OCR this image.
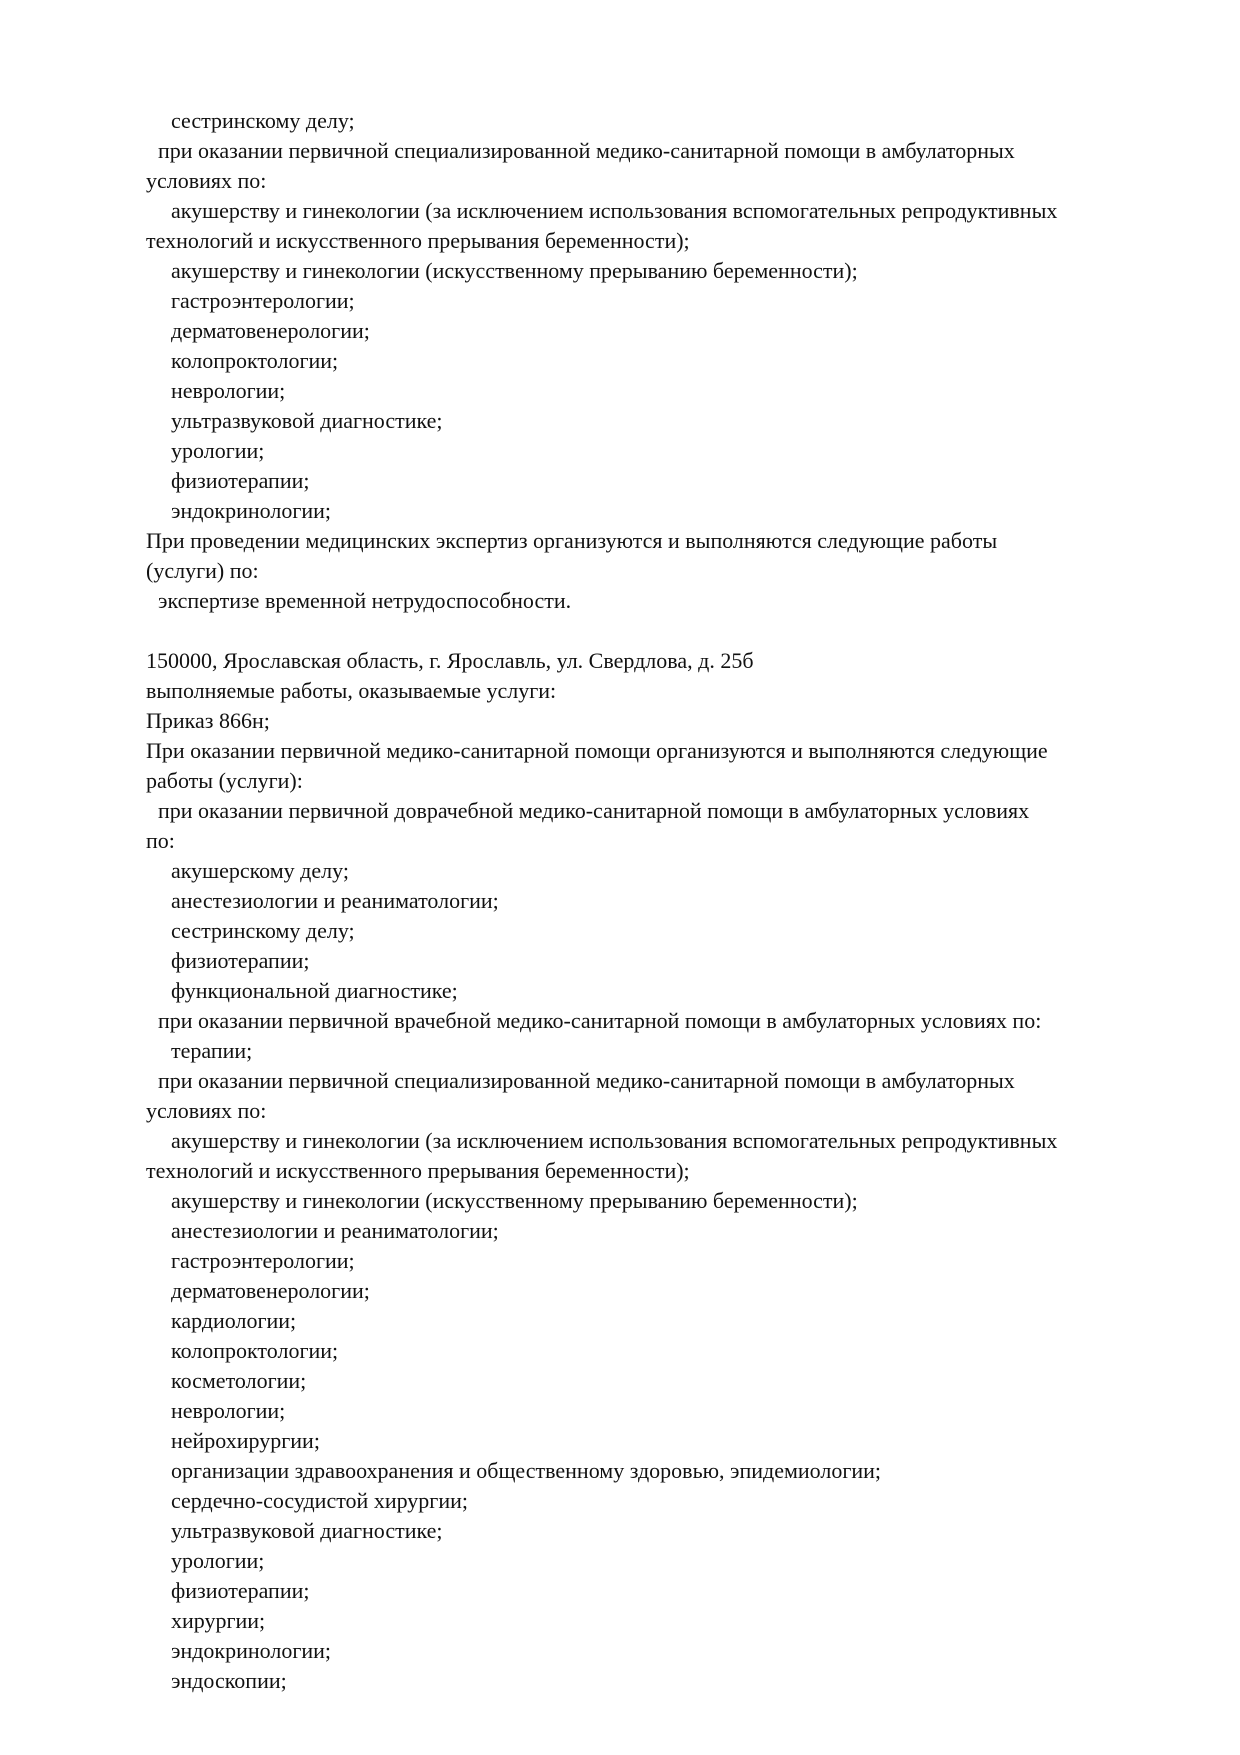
сестринскому делу;
при оказании первичной специализированной медико-санитарной помощи в амбулаторных
условиях по:
акушерству и гинекологии (за исключением использования вспомогательных репродуктивных
технологий и искусственного прерывания беременности);
акушерству и гинекологии (искусственному прерыванию беременности);
гастроэнтерологии;
дерматовенерологии;
колопроктологии;
неврологии;
ультразвуковой диагностике;
урологии;
физиотерапии;
эндокринологии;
При проведении медицинских экспертиз организуются и выполняются следующие работы
(услуги) по:
экспертизе временной нетрудоспособности.
150000, Ярославская область, г. Ярославль, ул. Свердлова, д. 25б
выполняемые работы, оказываемые услуги:
Приказ 866н;
При оказании первичной медико-санитарной помощи организуются и выполняются следующие
работы (услуги):
при оказании первичной доврачебной медико-санитарной помощи в амбулаторных условиях
по:
акушерскому делу;
анестезиологии и реаниматологии;
сестринскому делу;
физиотерапии;
функциональной диагностике;
при оказании первичной врачебной медико-санитарной помощи в амбулаторных условиях по:
терапии;
при оказании первичной специализированной медико-санитарной помощи в амбулаторных
условиях по:
акушерству и гинекологии (за исключением использования вспомогательных репродуктивных
технологий и искусственного прерывания беременности);
акушерству и гинекологии (искусственному прерыванию беременности);
анестезиологии и реаниматологии;
гастроэнтерологии;
дерматовенерологии;
кардиологии;
колопроктологии;
косметологии;
неврологии;
нейрохирургии;
организации здравоохранения и общественному здоровью, эпидемиологии;
сердечно-сосудистой хирургии;
ультразвуковой диагностике;
урологии;
физиотерапии;
хирургии;
эндокринологии;
эндоскопии;
